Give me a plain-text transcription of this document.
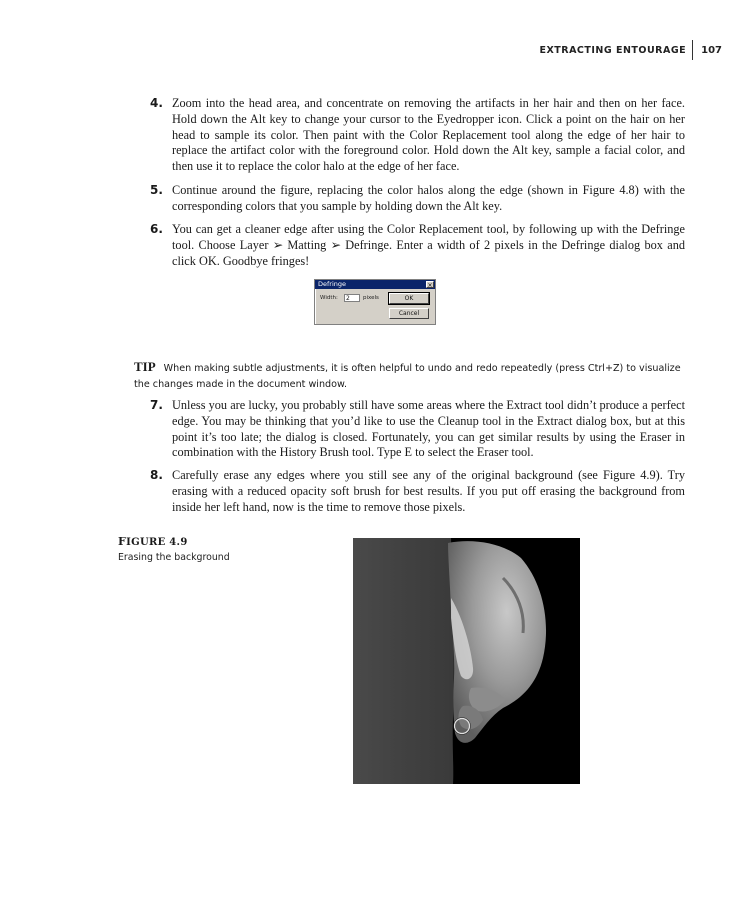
EXTRACTING ENTOURAGE	107
4. Zoom into the head area, and concentrate on removing the artifacts in her hair and then on her face. Hold down the Alt key to change your cursor to the Eyedropper icon. Click a point on the hair on her head to sample its color. Then paint with the Color Replacement tool along the edge of her hair to replace the artifact color with the foreground color. Hold down the Alt key, sample a facial color, and then use it to replace the color halo at the edge of her face.
5. Continue around the figure, replacing the color halos along the edge (shown in Figure 4.8) with the corresponding colors that you sample by holding down the Alt key.
6. You can get a cleaner edge after using the Color Replacement tool, by following up with the Defringe tool. Choose Layer ➢ Matting ➢ Defringe. Enter a width of 2 pixels in the Defringe dialog box and click OK. Goodbye fringes!
Defringe	×
Width:	2	pixels	OK
Cancel
TIP When making subtle adjustments, it is often helpful to undo and redo repeatedly (press Ctrl+Z) to visualize the changes made in the document window.
7. Unless you are lucky, you probably still have some areas where the Extract tool didn’t produce a perfect edge. You may be thinking that you’d like to use the Cleanup tool in the Extract dialog box, but at this point it’s too late; the dialog is closed. Fortunately, you can get similar results by using the Eraser in combination with the History Brush tool. Type E to select the Eraser tool.
8. Carefully erase any edges where you still see any of the original background (see Figure 4.9). Try erasing with a reduced opacity soft brush for best results. If you put off erasing the background from inside her left hand, now is the time to remove those pixels.
FIGURE 4.9
Erasing the background
